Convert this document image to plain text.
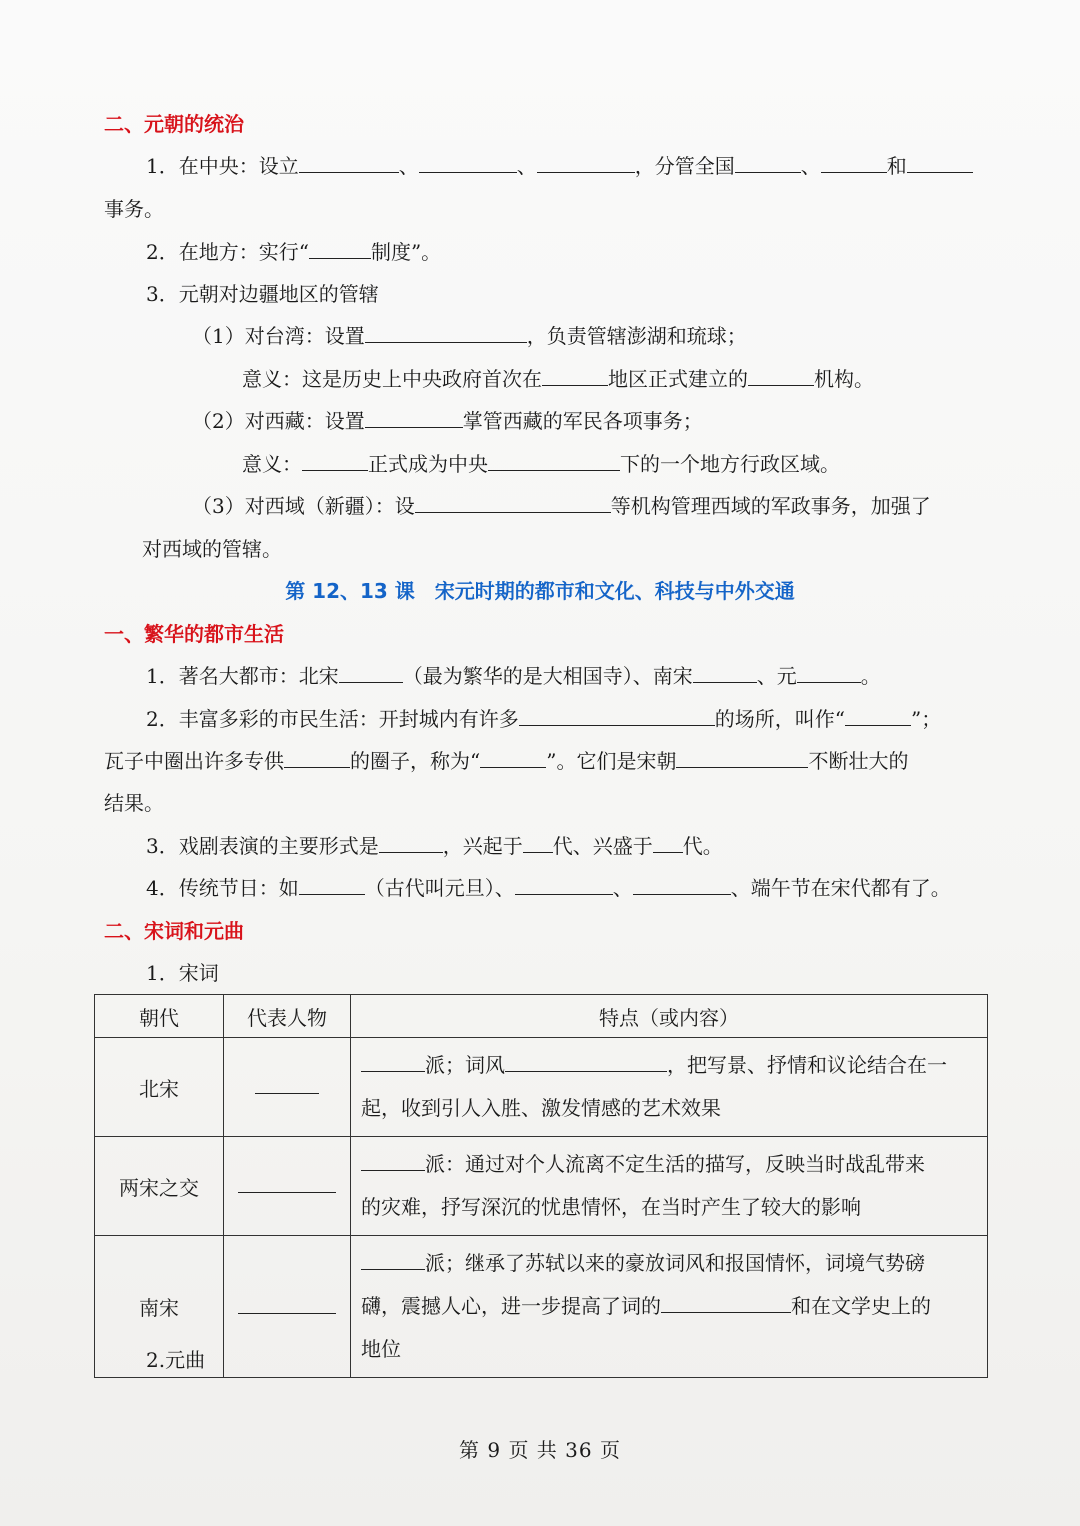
二、元朝的统治
1．在中央：设立	、	、	，分管全国	、	和
事务。
2．在地方：实行“	制度”。
3．元朝对边疆地区的管辖
（1）对台湾：设置	，负责管辖澎湖和琉球；
意义：这是历史上中央政府首次在	地区正式建立的	机构。
（2）对西藏：设置	掌管西藏的军民各项事务；
意义：	正式成为中央	下的一个地方行政区域。
（3）对西域（新疆）：设	等机构管理西域的军政事务，加强了
对西域的管辖。
第 12、13 课　宋元时期的都市和文化、科技与中外交通
一、繁华的都市生活
1．著名大都市：北宋	（最为繁华的是大相国寺）、南宋	、元	。
2．丰富多彩的市民生活：开封城内有许多	的场所，叫作“	”；
瓦子中圈出许多专供	的圈子，称为“	”。它们是宋朝	不断壮大的
结果。
3．戏剧表演的主要形式是	，兴起于 代、兴盛于 代。
4．传统节日：如	（古代叫元旦）、	、	、端午节在宋代都有了。
二、宋词和元曲
1．宋词
朝代	代表人物	特点（或内容）
北宋		派；词风 ，把写景、抒情和议论结合在一
起，收到引人入胜、激发情感的艺术效果

两宋之交		派：通过对个人流离不定生活的描写，反映当时战乱带来
的灾难，抒写深沉的忧患情怀，在当时产生了较大的影响

南宋		派；继承了苏轼以来的豪放词风和报国情怀，词境气势磅
礴，震撼人心，进一步提高了词的 和在文学史上的
地位
2.元曲
第 9 页 共 36 页
